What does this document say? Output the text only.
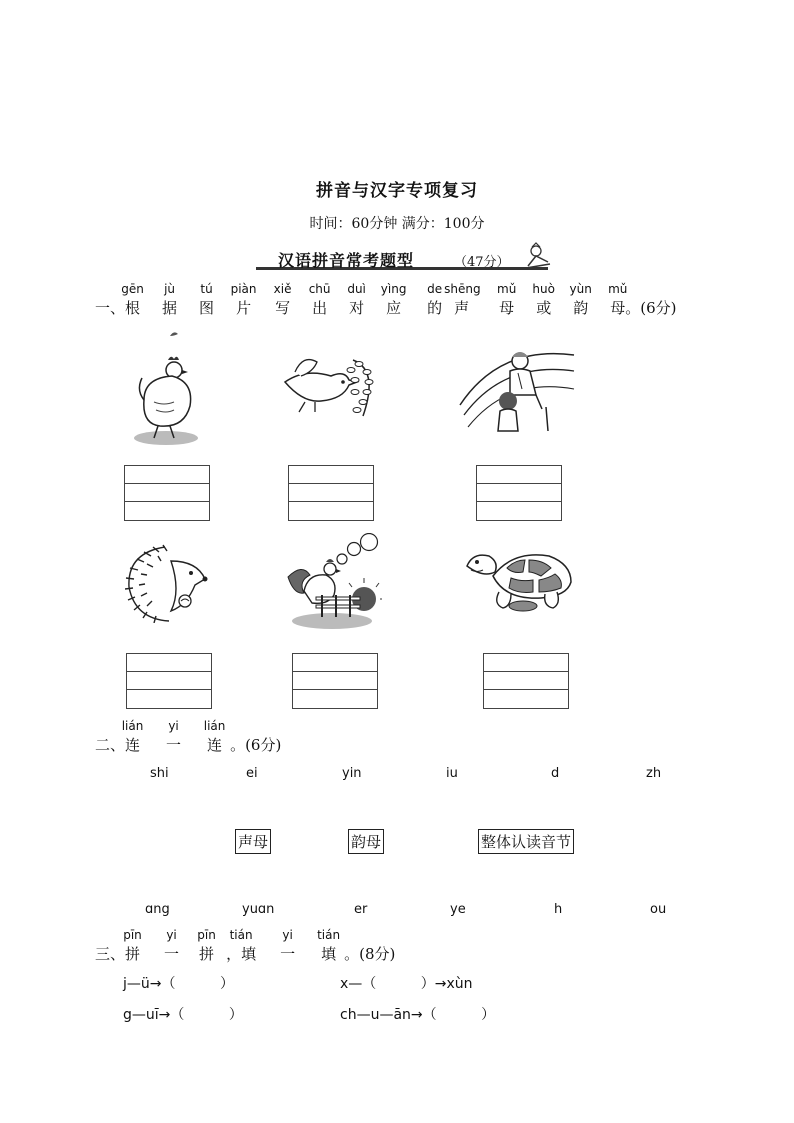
拼音与汉字专项复习
时间：60分钟 满分：100分
汉语拼音常考题型	（47分）
一、
gēn
根
jù
据
tú
图
piàn
片
xiě
写
chū
出
duì
对
yìng
应
de
的
shēng
声
mǔ
母
huò
或
yùn
韵
mǔ
母。(6分)
二、
lián
连
yi
一
lián
连 。(6分)
shi	ei	yin	iu	d	zh
声母	韵母	整体认读音节
ɑng	yuɑn	er	ye	h	ou
三、
pīn
拼
yi
一
pīn
拼
tián
，填
yi
一
tián
填 。(8分)
j—ü→（          ）	x—（          ）→xùn
g—uī→（          ）	ch—u—ān→（          ）
